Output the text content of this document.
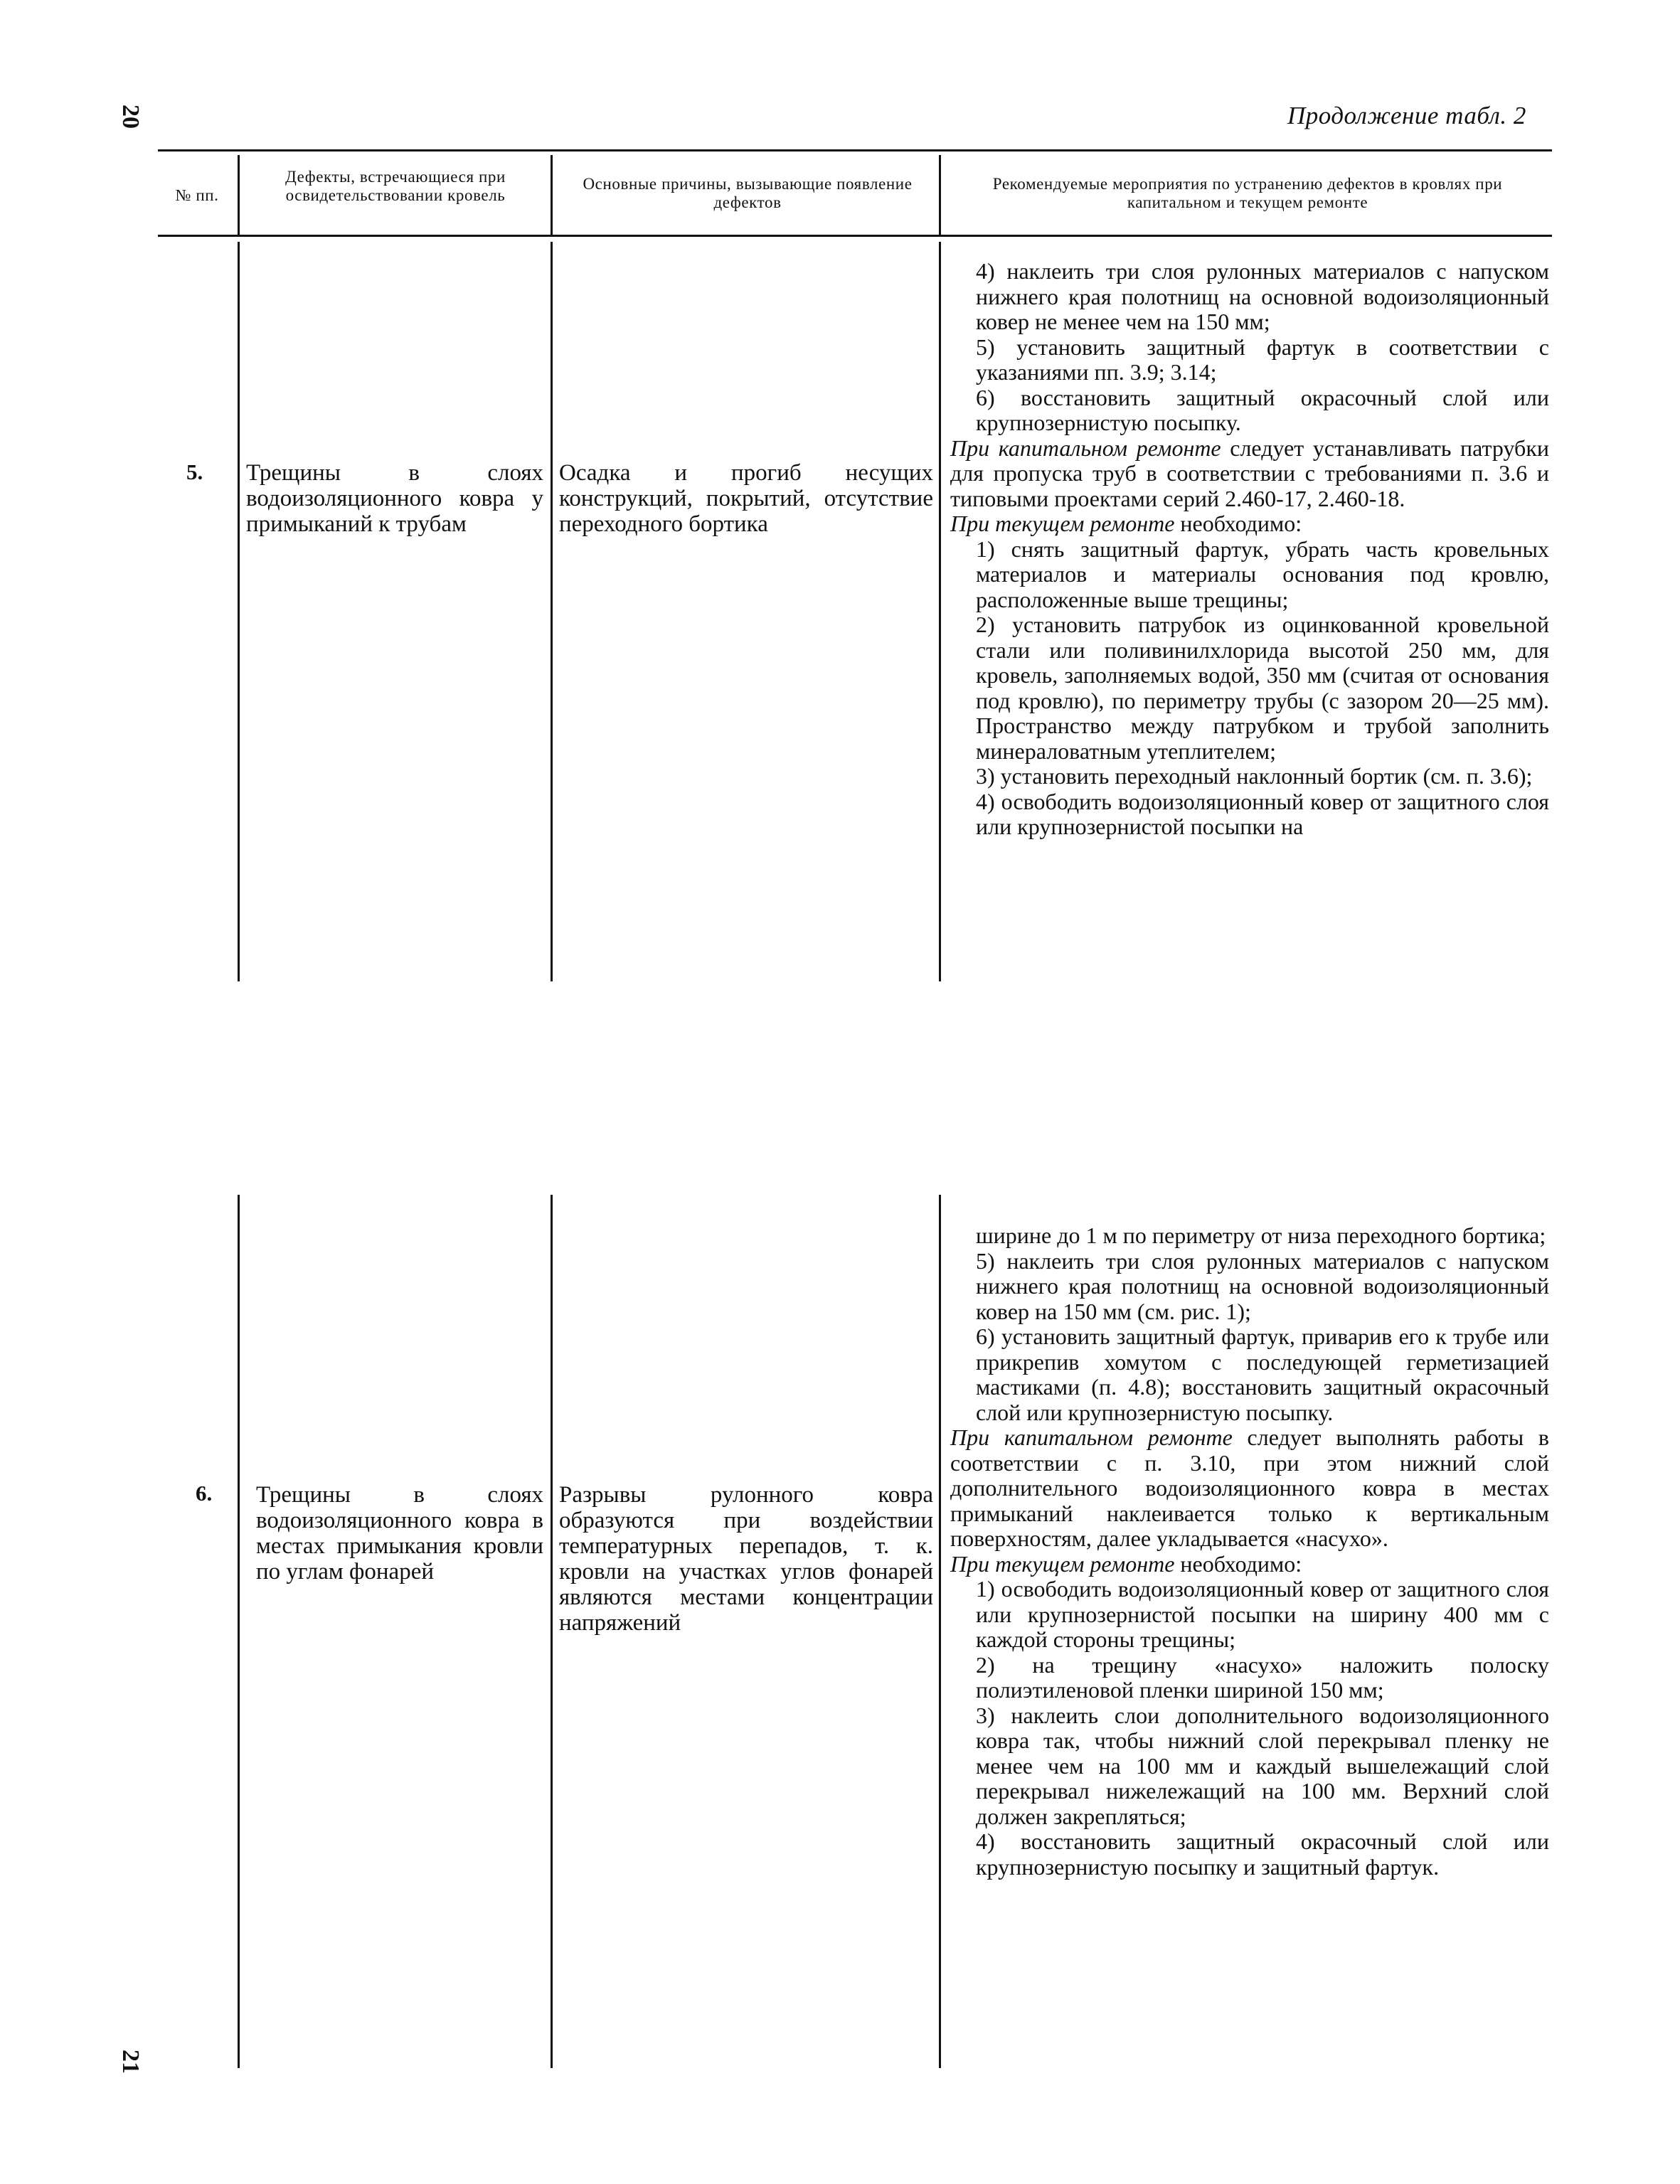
20	Продолжение табл. 2
21
№ пп.
Дефекты, встречающиеся при освидетельствовании кровель
Основные причины, вызывающие появление дефектов
Рекомендуемые мероприятия по устранению дефектов в кровлях при капитальном и текущем ремонте

4) наклеить три слоя рулонных материалов с напуском нижнего края полотнищ на основной водоизоляционный ковер не менее чем на 150 мм;

5) установить защитный фартук в соответствии с указаниями пп. 3.9; 3.14;

6) восстановить защитный окрасочный слой или крупнозернистую посыпку.

При капитальном ремонте следует устанавливать патрубки для пропуска труб в соответствии с требованиями п. 3.6 и типовыми проектами серий 2.460-17, 2.460-18.

При текущем ремонте необходимо:

1) снять защитный фартук, убрать часть кровельных материалов и материалы основания под кровлю, расположенные выше трещины;

2) установить патрубок из оцинкованной кровельной стали или поливинилхлорида высотой 250 мм, для кровель, заполняемых водой, 350 мм (считая от основания под кровлю), по периметру трубы (с зазором 20—25 мм). Пространство между патрубком и трубой заполнить минераловатным утеплителем;

3) установить переходный наклонный бортик (см. п. 3.6);

4) освободить водоизоляционный ковер от защитного слоя или крупнозернистой посыпки на

5. Трещины в слоях водоизоляционного ковра у примыканий к трубам
Осадка и прогиб несущих конструкций, покрытий, отсутствие переходного бортика

ширине до 1 м по периметру от низа переходного бортика;

5) наклеить три слоя рулонных материалов с напуском нижнего края полотнищ на основной водоизоляционный ковер на 150 мм (см. рис. 1);

6) установить защитный фартук, приварив его к трубе или прикрепив хомутом с последующей герметизацией мастиками (п. 4.8); восстановить защитный окрасочный слой или крупнозернистую посыпку.

При капитальном ремонте следует выполнять работы в соответствии с п. 3.10, при этом нижний слой дополнительного водоизоляционного ковра в местах примыканий наклеивается только к вертикальным поверхностям, далее укладывается «насухо».

При текущем ремонте необходимо:

1) освободить водоизоляционный ковер от защитного слоя или крупнозернистой посыпки на ширину 400 мм с каждой стороны трещины;

2) на трещину «насухо» наложить полоску полиэтиленовой пленки шириной 150 мм;

3) наклеить слои дополнительного водоизоляционного ковра так, чтобы нижний слой перекрывал пленку не менее чем на 100 мм и каждый вышележащий слой перекрывал нижележащий на 100 мм. Верхний слой должен закрепляться;

4) восстановить защитный окрасочный слой или крупнозернистую посыпку и защитный фартук.

6. Трещины в слоях водоизоляционного ковра в местах примыкания кровли по углам фонарей
Разрывы рулонного ковра образуются при воздействии температурных перепадов, т. к. кровли на участках углов фонарей являются местами концентрации напряжений
